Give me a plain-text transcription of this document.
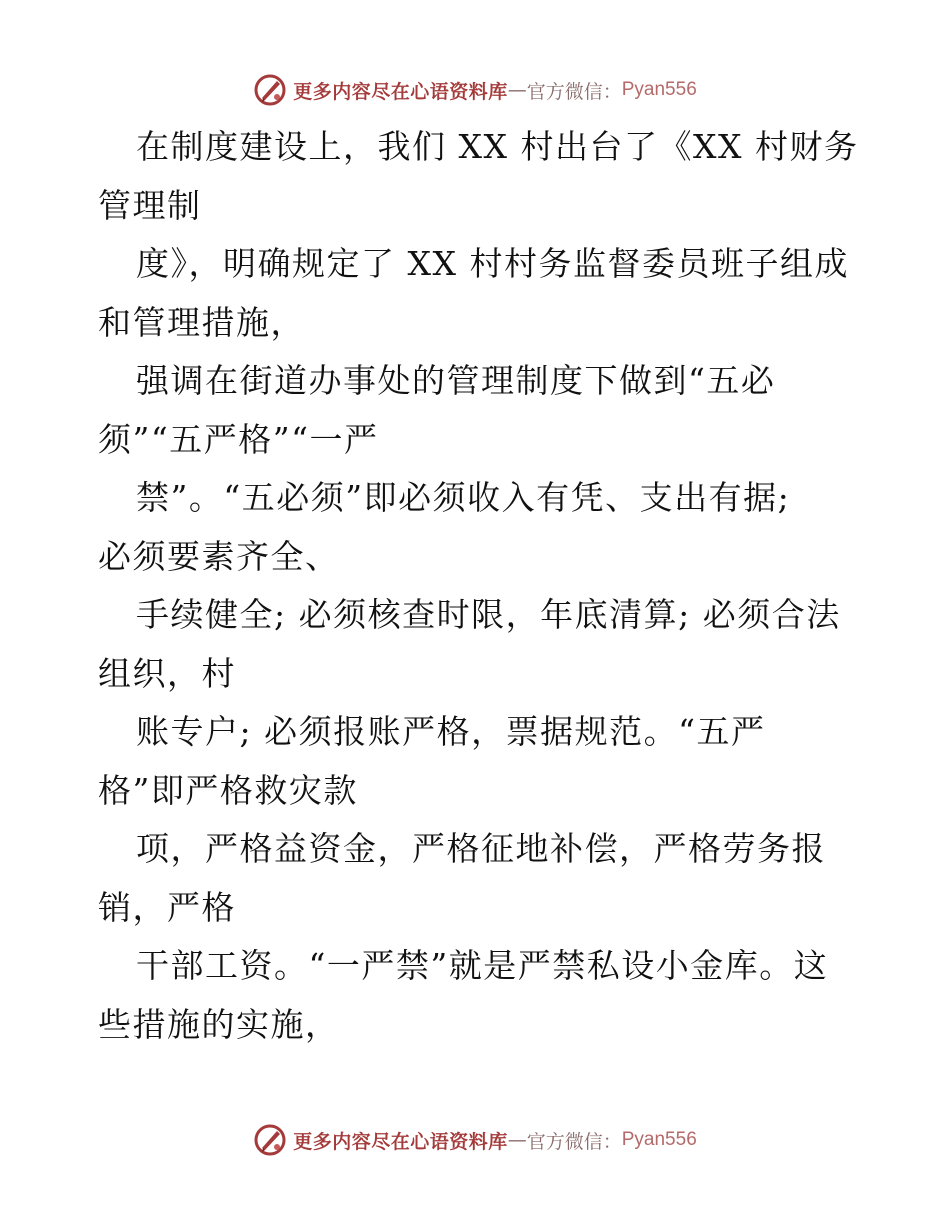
更多内容尽在心语资料库 — 官方微信： Pyan556
在制度建设上，我们 XX 村出台了《XX 村财务
管理制
度》，明确规定了 XX 村村务监督委员班子组成
和管理措施，
强调在街道办事处的管理制度下做到“五必
须”“五严格”“一严
禁”。“五必须”即必须收入有凭、支出有据;
必须要素齐全、
手续健全; 必须核查时限，年底清算; 必须合法
组织，村
账专户; 必须报账严格，票据规范。“五严
格”即严格救灾款
项，严格益资金，严格征地补偿，严格劳务报
销，严格
干部工资。“一严禁”就是严禁私设小金库。这
些措施的实施，
更多内容尽在心语资料库 — 官方微信： Pyan556
